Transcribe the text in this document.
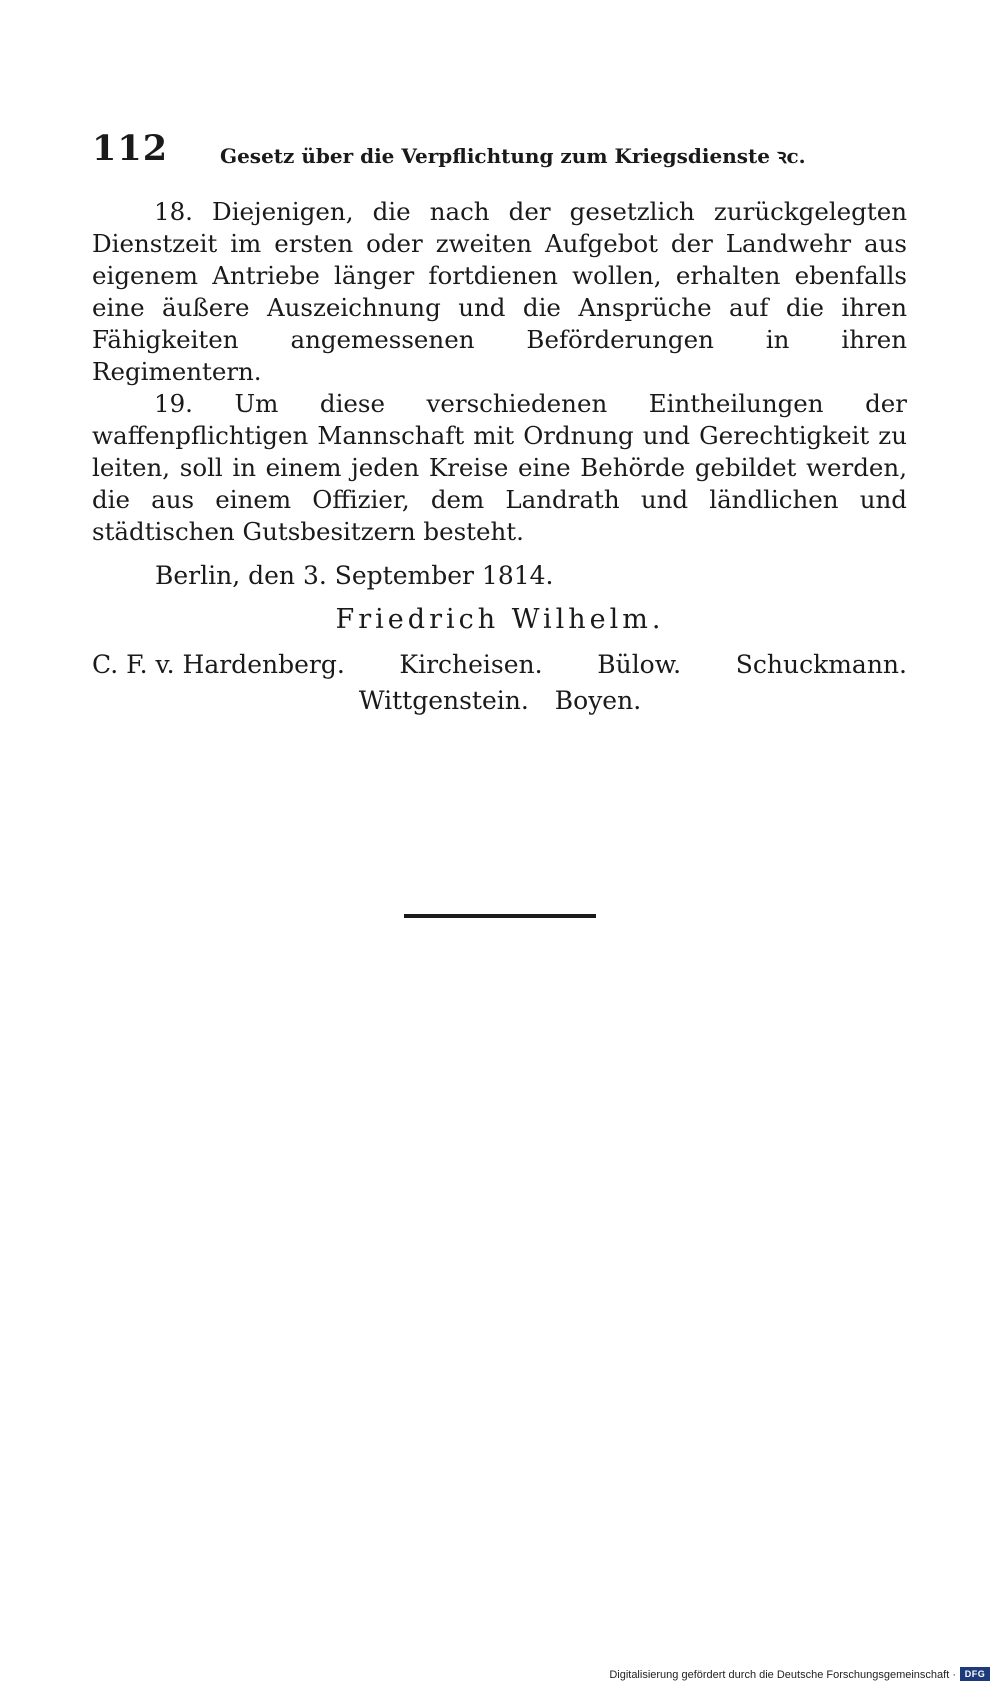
112	Gesetz über die Verpflichtung zum Kriegsdienste ꝛc.

18. Diejenigen, die nach der gesetzlich zurückgelegten Dienstzeit im ersten oder zweiten Aufgebot der Landwehr aus eigenem Antriebe länger fortdienen wollen, erhalten ebenfalls eine äußere Auszeichnung und die Ansprüche auf die ihren Fähigkeiten angemessenen Beförderungen in ihren Regimentern.

19. Um diese verschiedenen Eintheilungen der waffenpflichtigen Mannschaft mit Ordnung und Gerechtigkeit zu leiten, soll in einem jeden Kreise eine Behörde gebildet werden, die aus einem Offizier, dem Landrath und ländlichen und städtischen Gutsbesitzern besteht.

Berlin, den 3. September 1814.
Friedrich Wilhelm.
C. F. v. Hardenberg. Kircheisen. Bülow. Schuckmann.
Wittgenstein. Boyen.
Digitalisierung gefördert durch die Deutsche Forschungsgemeinschaft · DFG
